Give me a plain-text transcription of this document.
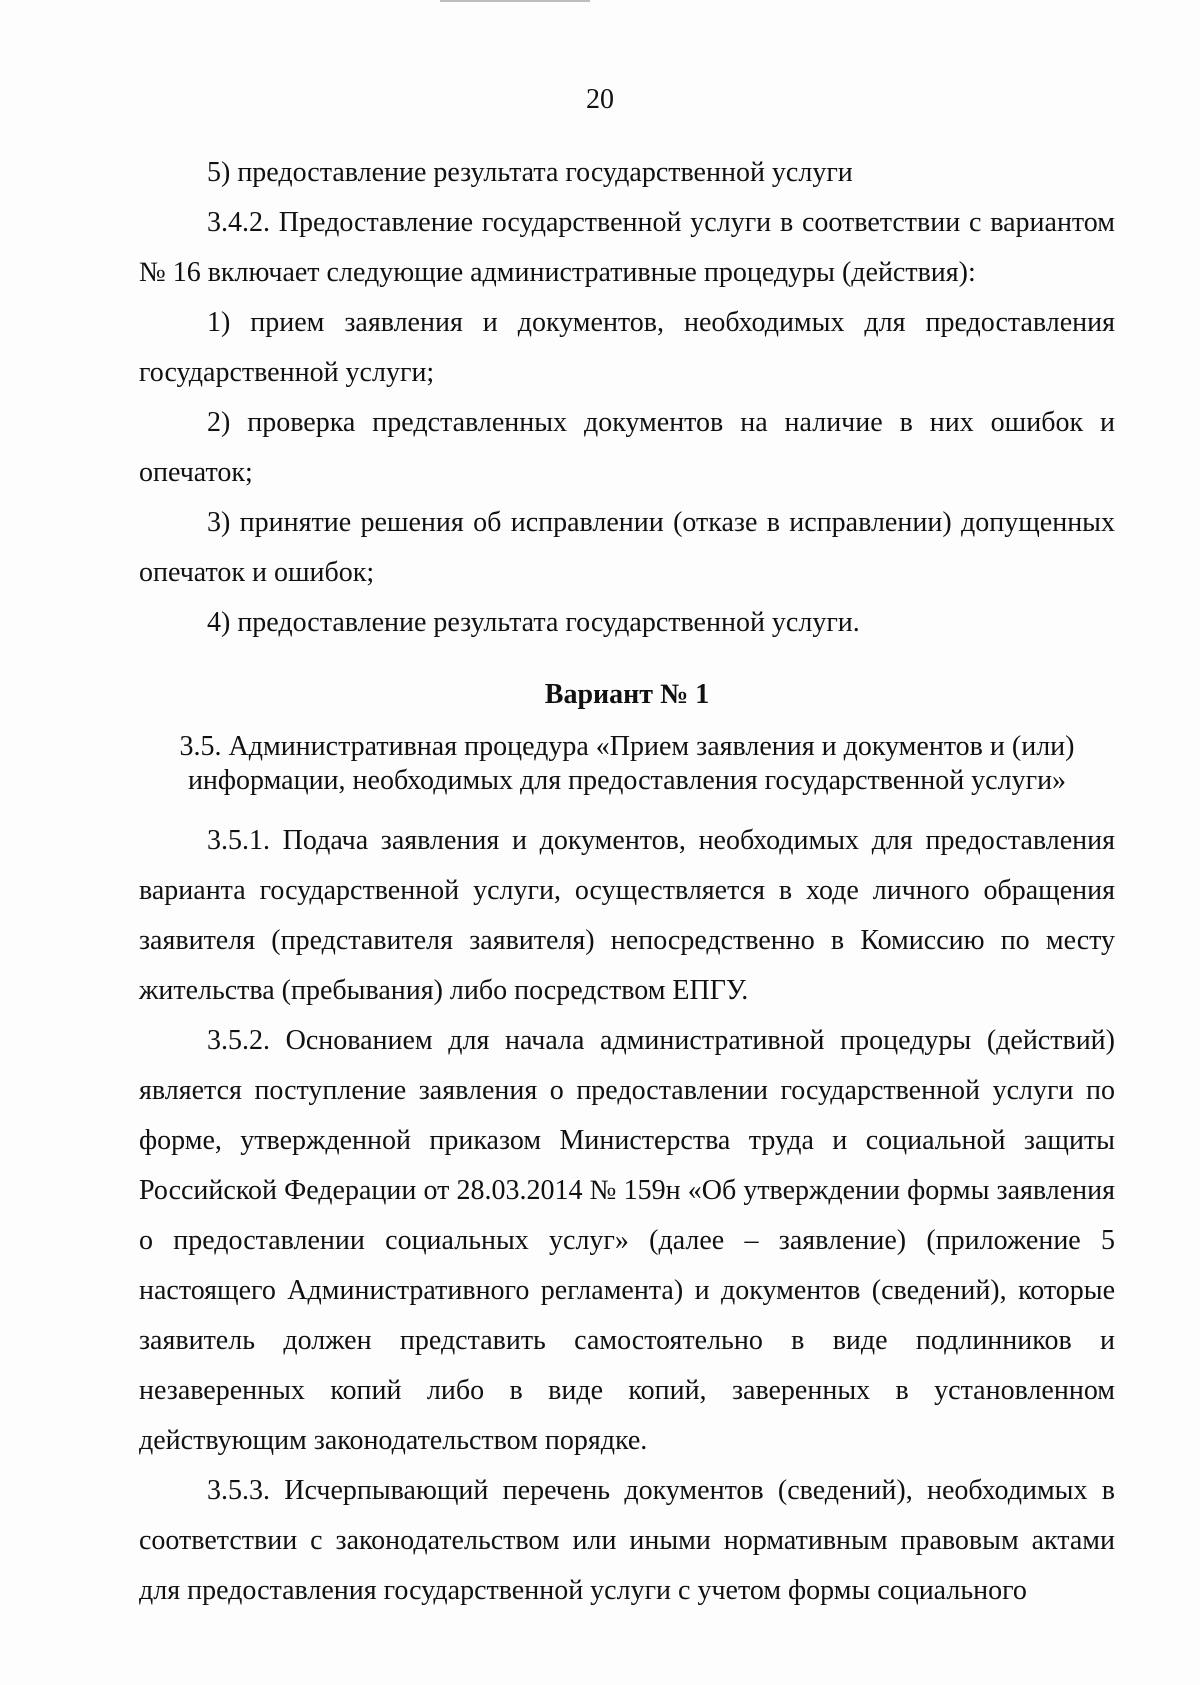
20

5) предоставление результата государственной услуги

3.4.2. Предоставление государственной услуги в соответствии с вариантом № 16 включает следующие административные процедуры (действия):

1) прием заявления и документов, необходимых для предоставления государственной услуги;

2) проверка представленных документов на наличие в них ошибок и опечаток;

3) принятие решения об исправлении (отказе в исправлении) допущенных опечаток и ошибок;

4) предоставление результата государственной услуги.

Вариант № 1
3.5. Административная процедура «Прием заявления и документов и (или)
информации, необходимых для предоставления государственной услуги»

3.5.1. Подача заявления и документов, необходимых для предоставления варианта государственной услуги, осуществляется в ходе личного обращения заявителя (представителя заявителя) непосредственно в Комиссию по месту жительства (пребывания) либо посредством ЕПГУ.

3.5.2. Основанием для начала административной процедуры (действий) является поступление заявления о предоставлении государственной услуги по форме, утвержденной приказом Министерства труда и социальной защиты Российской Федерации от 28.03.2014 № 159н «Об утверждении формы заявления о предоставлении социальных услуг» (далее – заявление) (приложение 5 настоящего Административного регламента) и документов (сведений), которые заявитель должен представить самостоятельно в виде подлинников и незаверенных копий либо в виде копий, заверенных в установленном действующим законодательством порядке.

3.5.3. Исчерпывающий перечень документов (сведений), необходимых в соответствии с законодательством или иными нормативным правовым актами для предоставления государственной услуги с учетом формы социального
